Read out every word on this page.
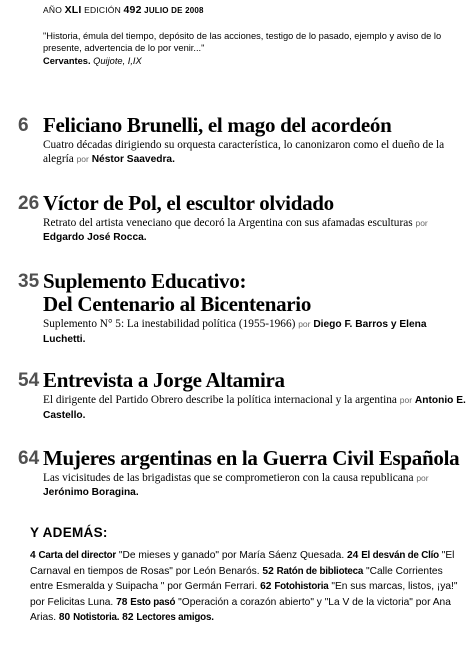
AÑO XLI EDICIÓN 492 JULIO DE 2008
"Historia, émula del tiempo, depósito de las acciones, testigo de lo pasado, ejemplo y aviso de lo presente, advertencia de lo por venir..."
Cervantes. Quijote, I,IX
6 Feliciano Brunelli, el mago del acordeón
Cuatro décadas dirigiendo su orquesta característica, lo canonizaron como el dueño de la alegría por Néstor Saavedra.
26 Víctor de Pol, el escultor olvidado
Retrato del artista veneciano que decoró la Argentina con sus afamadas esculturas por Edgardo José Rocca.
35 Suplemento Educativo:
Del Centenario al Bicentenario
Suplemento N° 5: La inestabilidad política (1955-1966) por Diego F. Barros y Elena Luchetti.
54 Entrevista a Jorge Altamira
El dirigente del Partido Obrero describe la política internacional y la argentina por Antonio E. Castello.
64 Mujeres argentinas en la Guerra Civil Española
Las vicisitudes de las brigadistas que se comprometieron con la causa republicana por Jerónimo Boragina.
Y ADEMÁS:
4 Carta del director "De mieses y ganado" por María Sáenz Quesada. 24 El desván de Clío "El Carnaval en tiempos de Rosas" por León Benarós. 52 Ratón de biblioteca "Calle Corrientes entre Esmeralda y Suipacha " por Germán Ferrari. 62 Fotohistoria "En sus marcas, listos, ¡ya!" por Felicitas Luna. 78 Esto pasó "Operación a corazón abierto" y "La V de la victoria" por Ana Arias. 80 Notistoria. 82 Lectores amigos.
